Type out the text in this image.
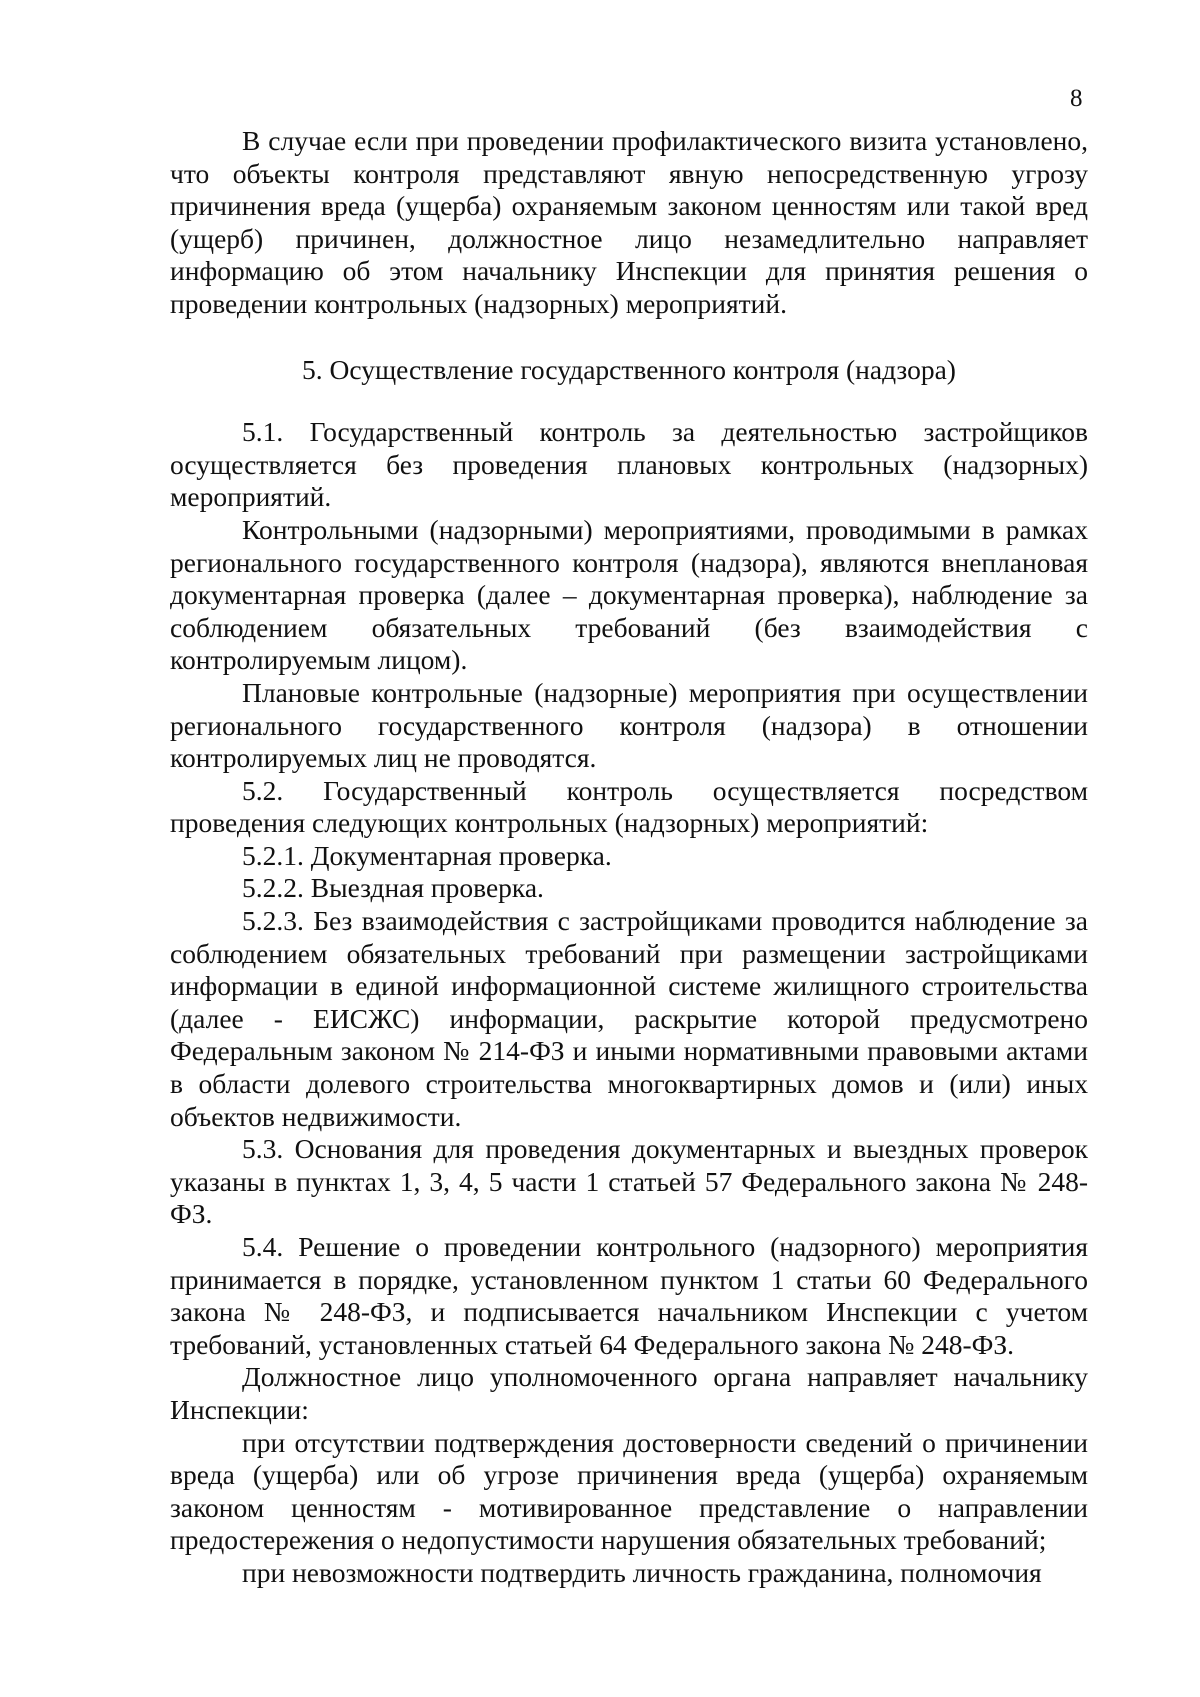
8

В случае если при проведении профилактического визита установлено, что объекты контроля представляют явную непосредственную угрозу причинения вреда (ущерба) охраняемым законом ценностям или такой вред (ущерб) причинен, должностное лицо незамедлительно направляет информацию об этом начальнику Инспекции для принятия решения о проведении контрольных (надзорных) мероприятий.

5. Осуществление государственного контроля (надзора)

5.1. Государственный контроль за деятельностью застройщиков осуществляется без проведения плановых контрольных (надзорных) мероприятий.

Контрольными (надзорными) мероприятиями, проводимыми в рамках регионального государственного контроля (надзора), являются внеплановая документарная проверка (далее – документарная проверка), наблюдение за соблюдением обязательных требований (без взаимодействия с контролируемым лицом).

Плановые контрольные (надзорные) мероприятия при осуществлении регионального государственного контроля (надзора) в отношении контролируемых лиц не проводятся.

5.2. Государственный контроль осуществляется посредством проведения следующих контрольных (надзорных) мероприятий:

5.2.1. Документарная проверка.

5.2.2. Выездная проверка.

5.2.3. Без взаимодействия с застройщиками проводится наблюдение за соблюдением обязательных требований при размещении застройщиками информации в единой информационной системе жилищного строительства (далее - ЕИСЖС) информации, раскрытие которой предусмотрено Федеральным законом № 214-ФЗ и иными нормативными правовыми актами в области долевого строительства многоквартирных домов и (или) иных объектов недвижимости.

5.3. Основания для проведения документарных и выездных проверок указаны в пунктах 1, 3, 4, 5 части 1 статьей 57 Федерального закона № 248-ФЗ.

5.4. Решение о проведении контрольного (надзорного) мероприятия принимается в порядке, установленном пунктом 1 статьи 60 Федерального закона № 248-ФЗ, и подписывается начальником Инспекции с учетом требований, установленных статьей 64 Федерального закона № 248-ФЗ.

Должностное лицо уполномоченного органа направляет начальнику Инспекции:

при отсутствии подтверждения достоверности сведений о причинении вреда (ущерба) или об угрозе причинения вреда (ущерба) охраняемым законом ценностям - мотивированное представление о направлении предостережения о недопустимости нарушения обязательных требований;

при невозможности подтвердить личность гражданина, полномочия
